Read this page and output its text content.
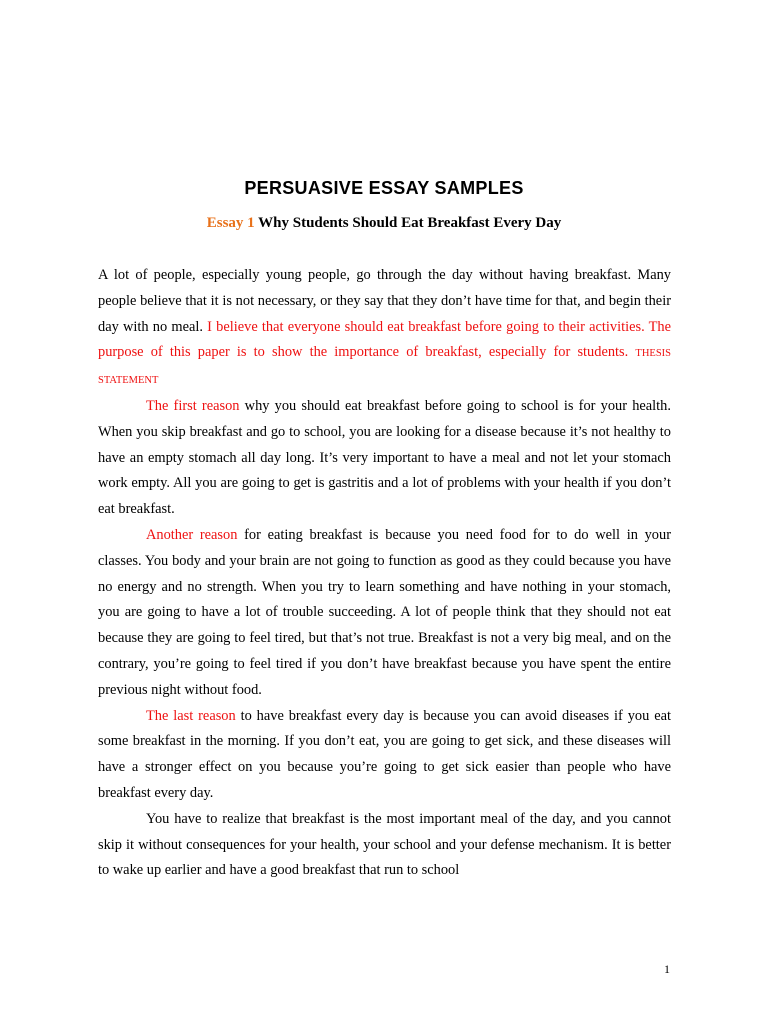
PERSUASIVE ESSAY SAMPLES
Essay 1 Why Students Should Eat Breakfast Every Day

A lot of people, especially young people, go through the day without having breakfast. Many people believe that it is not necessary, or they say that they don’t have time for that, and begin their day with no meal. I believe that everyone should eat breakfast before going to their activities. The purpose of this paper is to show the importance of breakfast, especially for students. THESIS STATEMENT

The first reason why you should eat breakfast before going to school is for your health. When you skip breakfast and go to school, you are looking for a disease because it’s not healthy to have an empty stomach all day long. It’s very important to have a meal and not let your stomach work empty. All you are going to get is gastritis and a lot of problems with your health if you don’t eat breakfast.

Another reason for eating breakfast is because you need food for to do well in your classes. You body and your brain are not going to function as good as they could because you have no energy and no strength. When you try to learn something and have nothing in your stomach, you are going to have a lot of trouble succeeding. A lot of people think that they should not eat because they are going to feel tired, but that’s not true. Breakfast is not a very big meal, and on the contrary, you’re going to feel tired if you don’t have breakfast because you have spent the entire previous night without food.

The last reason to have breakfast every day is because you can avoid diseases if you eat some breakfast in the morning. If you don’t eat, you are going to get sick, and these diseases will have a stronger effect on you because you’re going to get sick easier than people who have breakfast every day.

You have to realize that breakfast is the most important meal of the day, and you cannot skip it without consequences for your health, your school and your defense mechanism. It is better to wake up earlier and have a good breakfast that run to school

1
